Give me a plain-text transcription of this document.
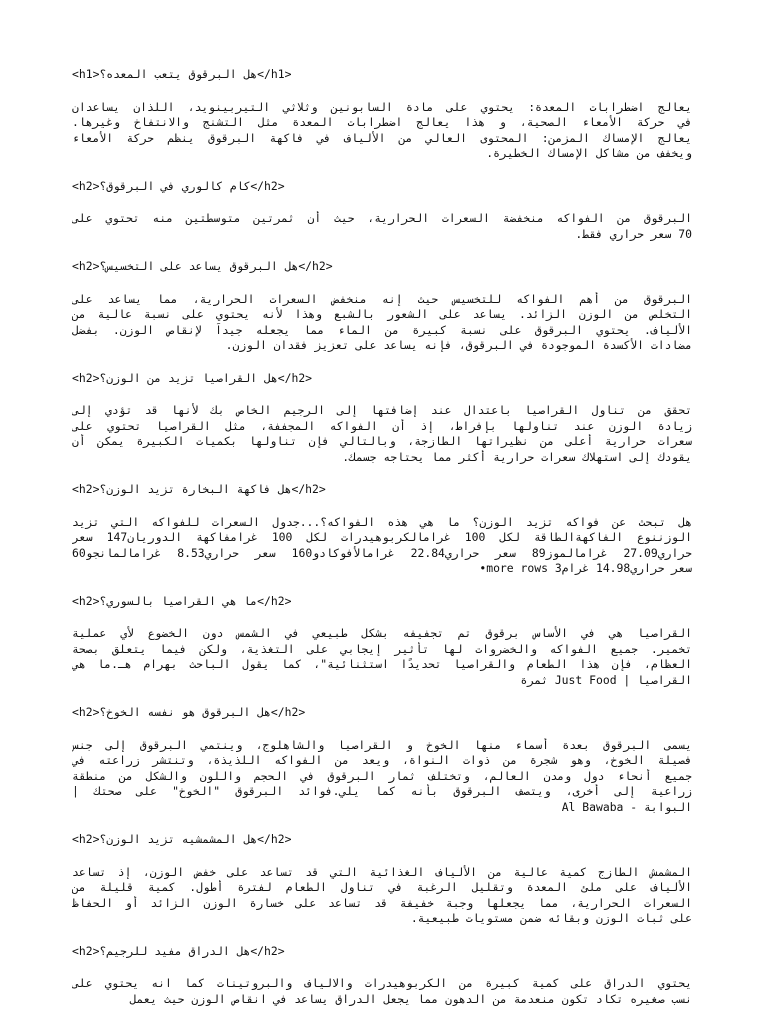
<h1>هل البرقوق يتعب المعده؟</h1>
يعالج اضطرابات المعدة: يحتوي على مادة السابونين وثلاثي التيربينويد، اللذان يساعدان
في حركة الأمعاء الصحية، و هذا يعالج اضطرابات المعدة مثل التشنج والانتفاخ وغيرها.
يعالج الإمساك المزمن: المحتوى العالي من الألياف في فاكهة البرقوق ينظم حركة الأمعاء
ويخفف من مشاكل الإمساك الخطيرة.
<h2>كام كالوري في البرقوق؟</h2>
البرقوق من الفواكه منخفضة السعرات الحرارية، حيث أن ثمرتين متوسطتين منه تحتوي على
70 سعر حراري فقط.
<h2>هل البرقوق يساعد على التخسيس؟</h2>
البرقوق من أهم الفواكه للتخسيس حيث إنه منخفض السعرات الحرارية، مما يساعد على
التخلص من الوزن الزائد. يساعد على الشعور بالشبع وهذا لأنه يحتوي على نسبة عالية من
الألياف. يحتوي البرقوق على نسبة كبيرة من الماء مما يجعله جيداً لإنقاص الوزن. بفضل
مضادات الأكسدة الموجودة في البرقوق، فإنه يساعد على تعزيز فقدان الوزن.
<h2>هل القراصيا تزيد من الوزن؟</h2>
تحقق من تناول القراصيا باعتدال عند إضافتها إلى الرجيم الخاص بك لأنها قد تؤدي إلى
زيادة الوزن عند تناولها بإفراط، إذ أن الفواكه المجففة، مثل القراصيا تحتوي على
سعرات حرارية أعلى من نظيراتها الطازجة، وبالتالي فإن تناولها بكميات الكبيرة يمكن أن
يقودك إلى استهلاك سعرات حرارية أكثر مما يحتاجه جسمك.
<h2>هل فاكهة البخارة تزيد الوزن؟</h2>
هل تبحث عن فواكه تزيد الوزن؟ ما هي هذه الفواكه؟...جدول السعرات للفواكه التي تزيد
الوزننوع الفاكهةالطاقة لكل 100 غرامالكربوهيدرات لكل 100 غرامفاكهة الدوريان147 سعر
حراري27.09 غرامالموز89 سعر حراري22.84 غرامالأفوكادو160 سعر حراري8.53 غرامالمانجو60
سعر حراري14.98 غرام3 more rows•
<h2>ما هي القراصيا بالسوري؟</h2>
القراصيا هي في الأساس برقوق تم تجفيفه بشكل طبيعي في الشمس دون الخضوع لأي عملية
تخمير. جميع الفواكه والخضروات لها تأثير إيجابي على التغذية، ولكن فيما يتعلق بصحة
العظام، فإن هذا الطعام والقراصيا تحديدًا استثنائية"، كما يقول الباحث بهرام هـ.ما هي
القراصيا | Just Food ثمرة
<h2>هل البرقوق هو نفسه الخوخ؟</h2>
يسمى البرقوق بعدة أسماء منها الخوخ و القراصيا والشاهلوج، وينتمي البرقوق إلى جنس
فصيلة الخوخ، وهو شجرة من ذوات النواة، ويعد من الفواكه اللذيذة، وتنتشر زراعته في
جميع أنحاء دول ومدن العالم، وتختلف ثمار البرقوق في الحجم واللون والشكل من منطقة
زراعية إلى أخرى، ويتصف البرقوق بأنه كما يلي.فوائد البرقوق "الخوخ" على صحتك |
البوابة - Al Bawaba
<h2>هل المشمشيه تزيد الوزن؟</h2>
المشمش الطازج كمية عالية من الألياف الغذائية التي قد تساعد على خفض الوزن، إذ تساعد
الألياف على ملئ المعدة وتقليل الرغبة في تناول الطعام لفترة أطول. كمية قليلة من
السعرات الحرارية، مما يجعلها وجبة خفيفة قد تساعد على خسارة الوزن الزائد أو الحفاظ
على ثبات الوزن وبقائه ضمن مستويات طبيعية.
<h2>هل الدراق مفيد للرجيم؟</h2>
يحتوي الدراق على كمية كبيرة من الكربوهيدرات والالياف والبروتينات كما انه يحتوي على
نسب صغيره تكاد تكون منعدمة من الدهون مما يجعل الدراق يساعد في انقاص الوزن حيث يعمل
